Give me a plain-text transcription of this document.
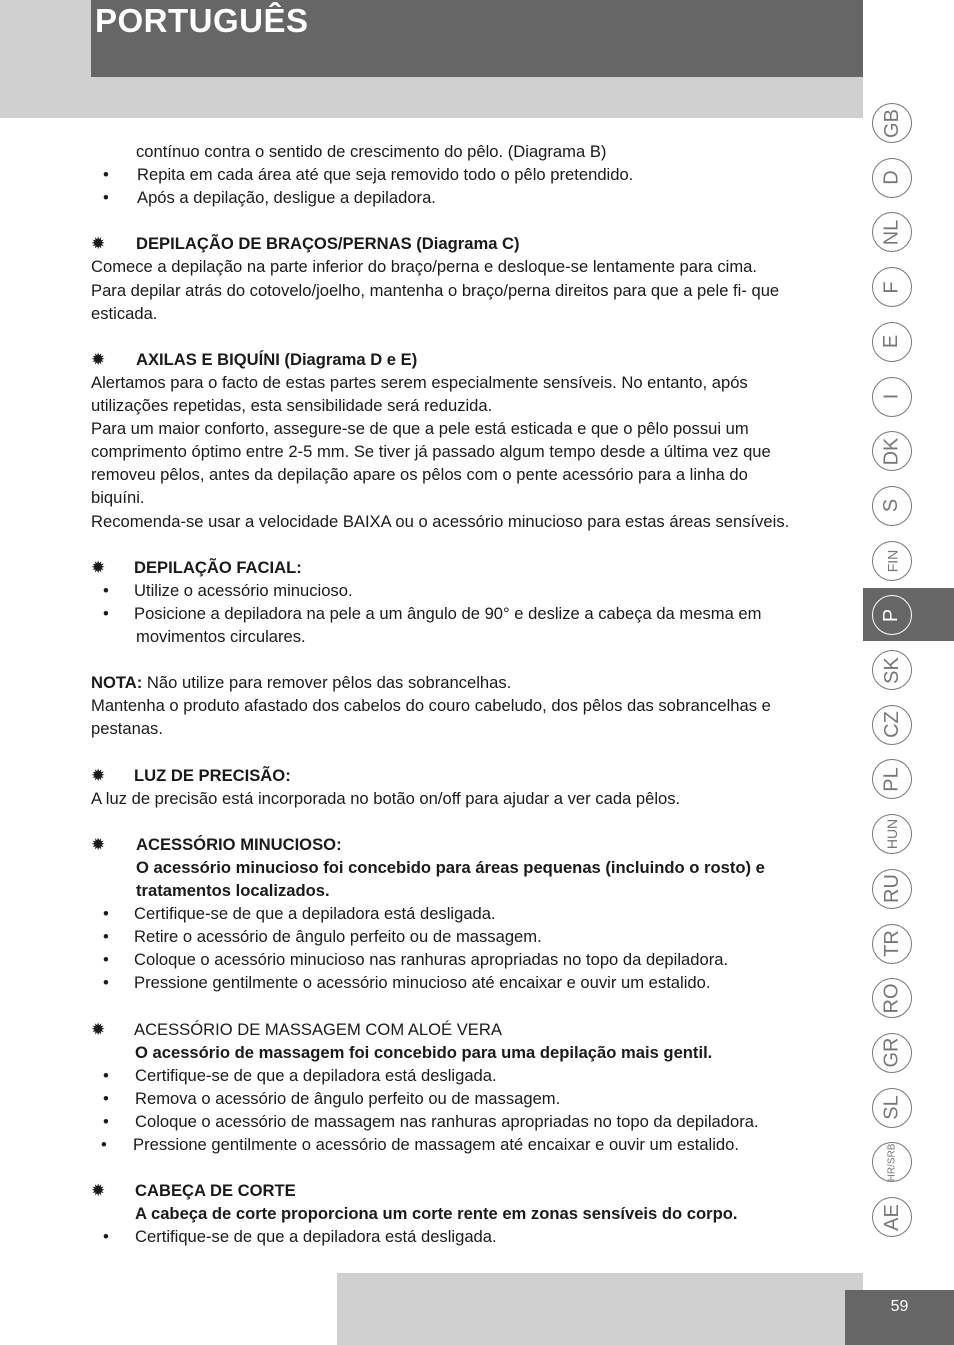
PORTUGUÊS
59
GB
D
NL
F
E
I
DK
S
FIN
P
SK
CZ
PL
HUN
RU
TR
RO
GR
SL
HR/SRB
AE
contínuo contra o sentido de crescimento do pêlo. (Diagrama B)
• Repita em cada área até que seja removido todo o pêlo pretendido.
• Após a depilação, desligue a depiladora.
✹ DEPILAÇÃO DE BRAÇOS/PERNAS (Diagrama C)
Comece a depilação na parte inferior do braço/perna e desloque-se lentamente para cima.
Para depilar atrás do cotovelo/joelho, mantenha o braço/perna direitos para que a pele fi- que
esticada.
✹ AXILAS E BIQUÍNI (Diagrama D e E)
Alertamos para o facto de estas partes serem especialmente sensíveis. No entanto, após
utilizações repetidas, esta sensibilidade será reduzida.
Para um maior conforto, assegure-se de que a pele está esticada e que o pêlo possui um
comprimento óptimo entre 2-5 mm. Se tiver já passado algum tempo desde a última vez que
removeu pêlos, antes da depilação apare os pêlos com o pente acessório para a linha do
biquíni.
Recomenda-se usar a velocidade BAIXA ou o acessório minucioso para estas áreas sensíveis.
✹ DEPILAÇÃO FACIAL:
• Utilize o acessório minucioso.
• Posicione a depiladora na pele a um ângulo de 90° e deslize a cabeça da mesma em
movimentos circulares.
NOTA: Não utilize para remover pêlos das sobrancelhas.
Mantenha o produto afastado dos cabelos do couro cabeludo, dos pêlos das sobrancelhas e
pestanas.
✹ LUZ DE PRECISÃO:
A luz de precisão está incorporada no botão on/off para ajudar a ver cada pêlos.
✹ ACESSÓRIO MINUCIOSO:
O acessório minucioso foi concebido para áreas pequenas (incluindo o rosto) e
tratamentos localizados.
• Certifique-se de que a depiladora está desligada.
• Retire o acessório de ângulo perfeito ou de massagem.
• Coloque o acessório minucioso nas ranhuras apropriadas no topo da depiladora.
• Pressione gentilmente o acessório minucioso até encaixar e ouvir um estalido.
✹ ACESSÓRIO DE MASSAGEM COM ALOÉ VERA
O acessório de massagem foi concebido para uma depilação mais gentil.
• Certifique-se de que a depiladora está desligada.
• Remova o acessório de ângulo perfeito ou de massagem.
• Coloque o acessório de massagem nas ranhuras apropriadas no topo da depiladora.
• Pressione gentilmente o acessório de massagem até encaixar e ouvir um estalido.
✹ CABEÇA DE CORTE
A cabeça de corte proporciona um corte rente em zonas sensíveis do corpo.
• Certifique-se de que a depiladora está desligada.
